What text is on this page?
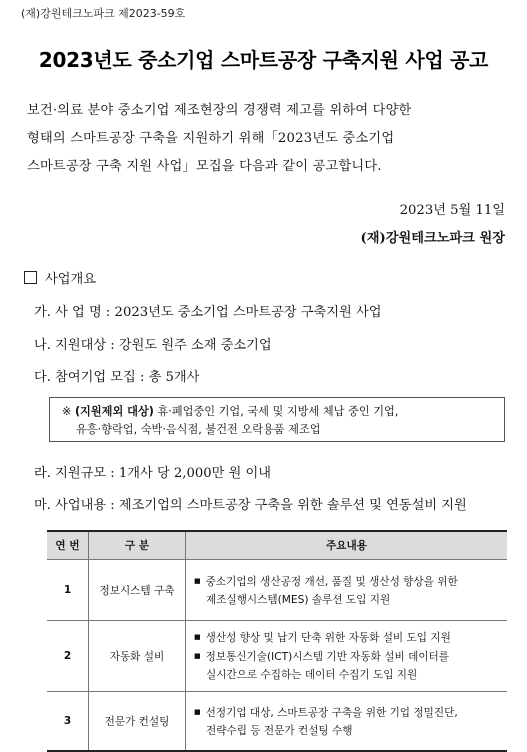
(재)강원테크노파크 제2023-59호
2023년도 중소기업 스마트공장 구축지원 사업 공고
보건·의료 분야 중소기업 제조현장의 경쟁력 제고를 위하여 다양한
형태의 스마트공장 구축을 지원하기 위해「2023년도 중소기업
스마트공장 구축 지원 사업」모집을 다음과 같이 공고합니다.
2023년 5월 11일
(재)강원테크노파크 원장
사업개요
가. 사 업 명 : 2023년도 중소기업 스마트공장 구축지원 사업
나. 지원대상 : 강원도 원주 소재 중소기업
다. 참여기업 모집 : 총 5개사
※ (지원제외 대상) 휴·폐업중인 기업, 국세 및 지방세 체납 중인 기업,
유흥·향락업, 숙박·음식점, 불건전 오락용품 제조업
라. 지원규모 : 1개사 당 2,000만 원 이내
마. 사업내용 : 제조기업의 스마트공장 구축을 위한 솔루션 및 연동설비 지원
연 번	구 분	주요내용
1	정보시스템 구축	■ 중소기업의 생산공정 개선, 품질 및 생산성 향상을 위한
제조실행시스템(MES) 솔루션 도입 지원

2	자동화 설비	■ 생산성 향상 및 납기 단축 위한 자동화 설비 도입 지원
■ 정보통신기술(ICT)시스템 기반 자동화 설비 데이터를
실시간으로 수집하는 데이터 수집기 도입 지원

3	전문가 컨설팅	■ 선정기업 대상, 스마트공장 구축을 위한 기업 정밀진단,
전략수립 등 전문가 컨설팅 수행
